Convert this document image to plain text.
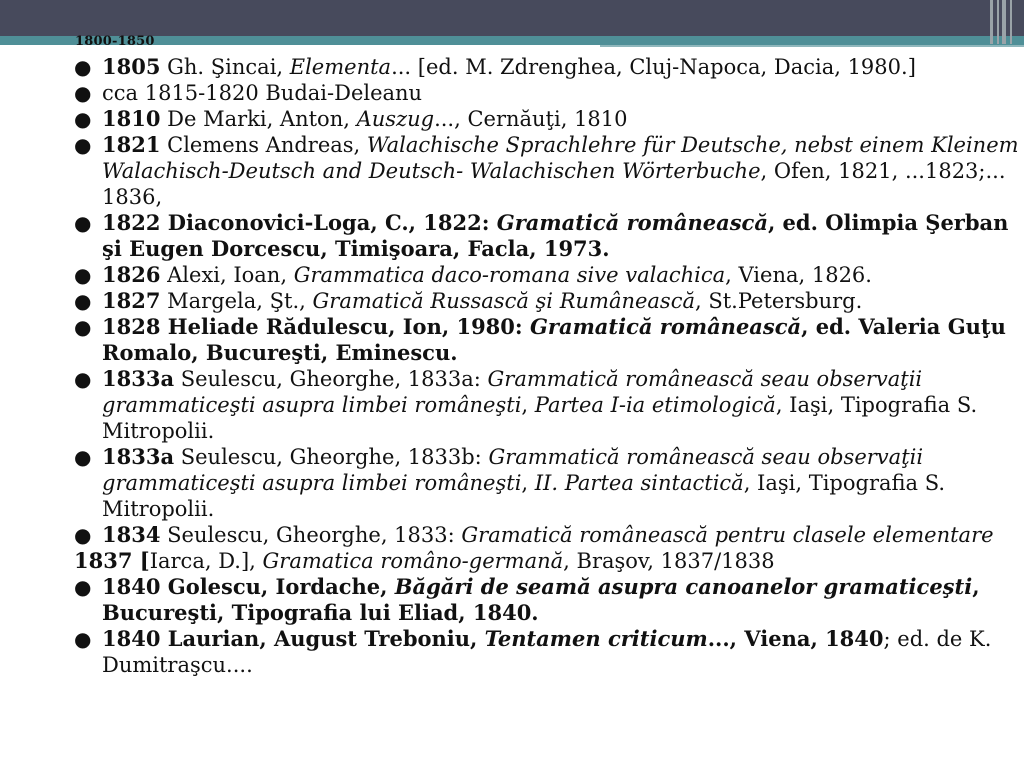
1800-1850
● 1805 Gh. Şincai, Elementa... [ed. M. Zdrenghea, Cluj-Napoca, Dacia, 1980.]
● cca 1815-1820 Budai-Deleanu
● 1810 De Marki, Anton, Auszug..., Cernăuţi, 1810
● 1821 Clemens Andreas, Walachische Sprachlehre für Deutsche, nebst einem Kleinem Walachisch-Deutsch and Deutsch- Walachischen Wörterbuche, Ofen, 1821, ...1823;... 1836,
● 1822 Diaconovici-Loga, C., 1822: Gramatică românească, ed. Olimpia Şerban şi Eugen Dorcescu, Timişoara, Facla, 1973.
● 1826 Alexi, Ioan, Grammatica daco-romana sive valachica, Viena, 1826.
● 1827 Margela, Şt., Gramatică Russască şi Rumânească, St.Petersburg.
● 1828 Heliade Rădulescu, Ion, 1980: Gramatică românească, ed. Valeria Guţu Romalo, Bucureşti, Eminescu.
● 1833a Seulescu, Gheorghe, 1833a: Grammatică românească seau observaţii grammaticeşti asupra limbei româneşti, Partea I-ia etimologică, Iaşi, Tipografia S. Mitropolii.
● 1833a Seulescu, Gheorghe, 1833b: Grammatică românească seau observaţii grammaticeşti asupra limbei româneşti, II. Partea sintactică, Iaşi, Tipografia S. Mitropolii.
● 1834 Seulescu, Gheorghe, 1833: Gramatică românească pentru clasele elementare
1837 [Iarca, D.], Gramatica româno-germană, Braşov, 1837/1838
● 1840 Golescu, Iordache, Băgări de seamă asupra canoanelor gramaticeşti, Bucureşti, Tipografia lui Eliad, 1840.
● 1840 Laurian, August Treboniu, Tentamen criticum..., Viena, 1840; ed. de K. Dumitraşcu....
